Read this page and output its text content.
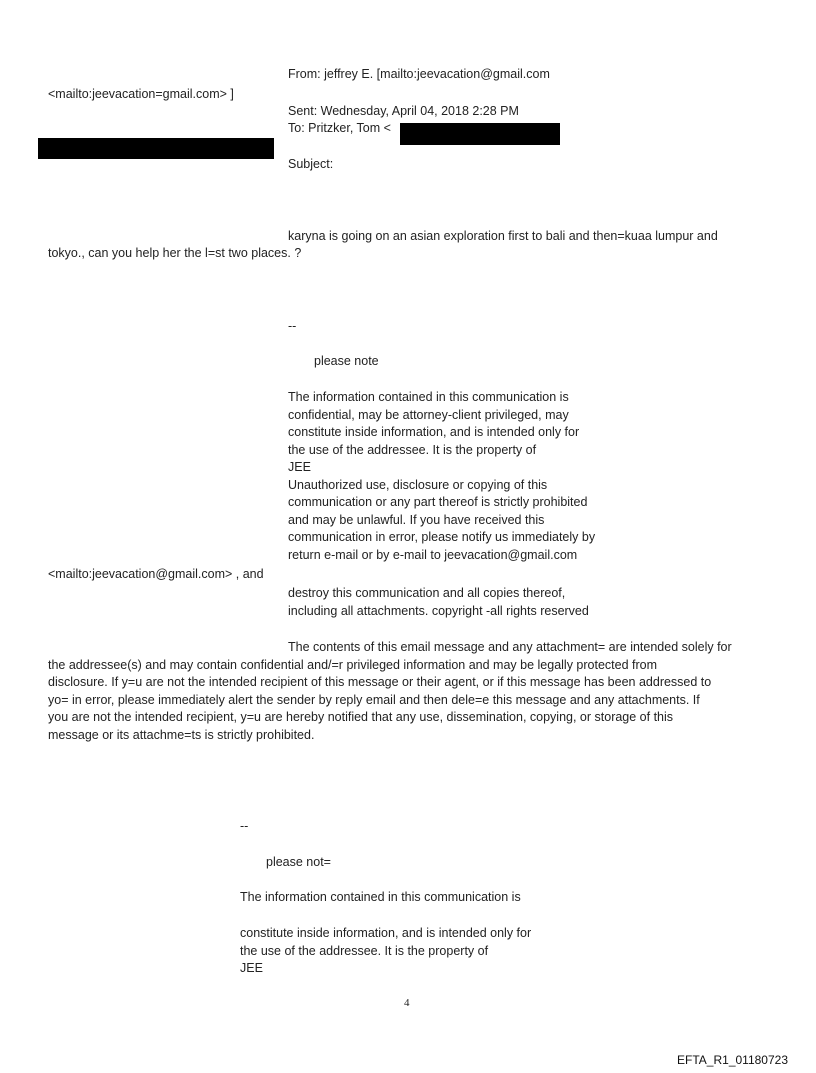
From: jeffrey E. [mailto:jeevacation@gmail.com

<mailto:jeevacation=gmail.com> ]

Sent: Wednesday, April 04, 2018 2:28 PM

To: Pritzker, Tom <

Subject:

karyna is going on an asian exploration first to bali and then=kuaa lumpur and

tokyo., can you help her the l=st two places. ?

--

please note

The information contained in this communication is

confidential, may be attorney-client privileged, may

constitute inside information, and is intended only for

the use of the addressee. It is the property of

JEE

Unauthorized use, disclosure or copying of this

communication or any part thereof is strictly prohibited

and may be unlawful. If you have received this

communication in error, please notify us immediately by

return e-mail or by e-mail to jeevacation@gmail.com

<mailto:jeevacation@gmail.com> , and

destroy this communication and all copies thereof,

including all attachments. copyright -all rights reserved

The contents of this email message and any attachment= are intended solely for

the addressee(s) and may contain confidential and/=r privileged information and may be legally protected from

disclosure. If y=u are not the intended recipient of this message or their agent, or if this message has been addressed to

yo= in error, please immediately alert the sender by reply email and then dele=e this message and any attachments. If

you are not the intended recipient, y=u are hereby notified that any use, dissemination, copying, or storage of this

message or its attachme=ts is strictly prohibited.

--

please not=

The information contained in this communication is

constitute inside information, and is intended only for

the use of the addressee. It is the property of

JEE

4

EFTA_R1_01180723
